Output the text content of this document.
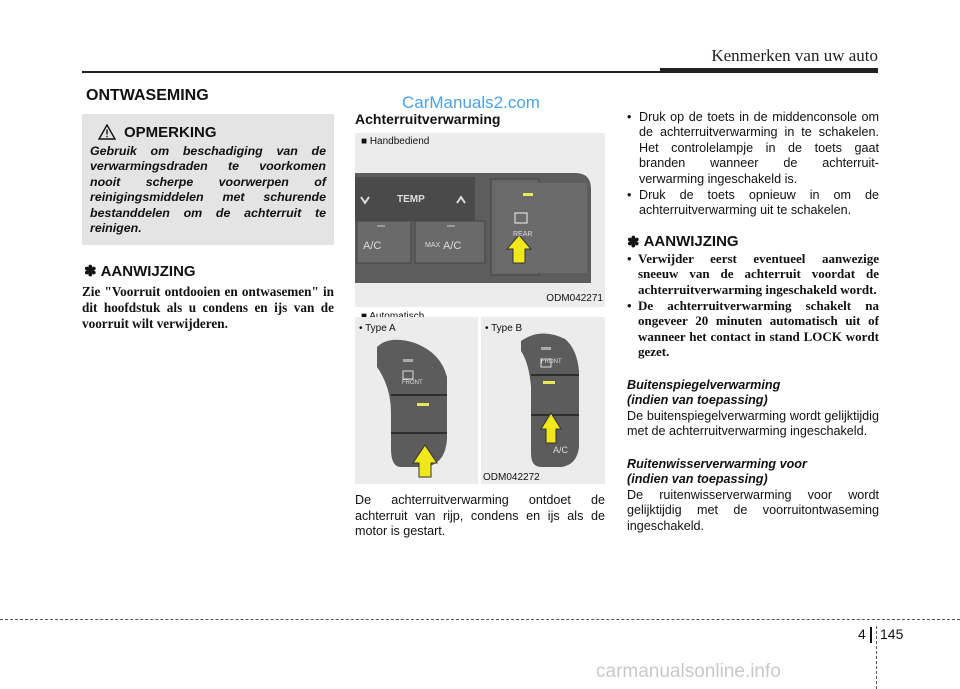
Kenmerken van uw auto
CarManuals2.com
ONTWASEMING
OPMERKING
Gebruik om beschadiging van de verwarmingsdraden te voorkomen nooit scherpe voorwerpen of reinigingsmiddelen met schurende bestanddelen om de achterruit te reinigen.
✽ AANWIJZING
Zie "Voorruit ontdooien en ontwasemen" in dit hoofdstuk als u condens en ijs van de voorruit wilt verwijderen.
Achterruitverwarming
■ Handbediend
TEMP
A/C	MAX A/C
REAR
ODM042271
• Type A
FRONT
• Type B
FRONT
A/C
ODM042272
De achterruitverwarming ontdoet de achterruit van rijp, condens en ijs als de motor is gestart.
• Druk op de toets in de middenconsole om de achterruitverwarming in te schakelen. Het controlelampje in de toets gaat branden wanneer de achterruit-verwarming ingeschakeld is.
• Druk de toets opnieuw in om de achterruitverwarming uit te schakelen.
✽ AANWIJZING
• Verwijder eerst eventueel aanwezige sneeuw van de achterruit voordat de achterruitverwarming ingeschakeld wordt.
• De achterruitverwarming schakelt na ongeveer 20 minuten automatisch uit of wanneer het contact in stand LOCK wordt gezet.
Buitenspiegelverwarming
(indien van toepassing)
De buitenspiegelverwarming wordt gelijktijdig met de achterruitverwarming ingeschakeld.
Ruitenwisserverwarming voor
(indien van toepassing)
De ruitenwisserverwarming voor wordt gelijktijdig met de voorruitontwaseming ingeschakeld.
4 145
carmanualsonline.info
